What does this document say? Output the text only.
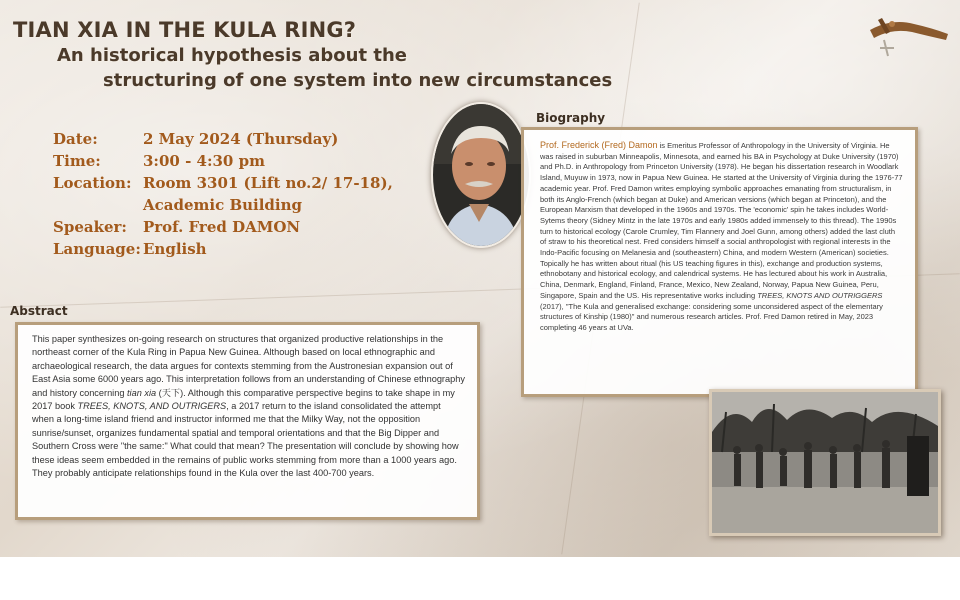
TIAN XIA IN THE KULA RING?
An historical hypothesis about the
structuring of one system into new circumstances
Date:	2 May 2024 (Thursday)
Time:	3:00 - 4:30 pm
Location: Room 3301 (Lift no.2/ 17-18),
Academic Building
Speaker:	Prof. Fred DAMON
Language: English
Biography
Prof. Frederick (Fred) Damon is Emeritus Professor of Anthropology in the University of Virginia. He was raised in suburban Minneapolis, Minnesota, and earned his BA in Psychology at Duke University (1970) and Ph.D. in Anthropology from Princeton University (1978). He began his dissertation research in Woodlark Island, Muyuw in 1973, now in Papua New Guinea. He started at the University of Virginia during the 1976-77 academic year. Prof. Fred Damon writes employing symbolic approaches emanating from structuralism, in both its Anglo-French (which began at Duke) and American versions (which began at Princeton), and the European Marxism that developed in the 1960s and 1970s. The 'economic' spin he takes includes World-Sytems theory (Sidney Mintz in the late 1970s and early 1980s added immensely to this thread). The 1990s turn to historical ecology (Carole Crumley, Tim Flannery and Joel Gunn, among others) added the last cluth of straw to his theoretical nest. Fred considers himself a social anthropologist with regional interests in the Indo-Pacific focusing on Melanesia and (southeastern) China, and modern Western (American) societies. Topically he has written about ritual (his US teaching figures in this), exchange and production systems, ethnobotany and historical ecology, and calendrical systems. He has lectured about his work in Australia, China, Denmark, England, Finland, France, Mexico, New Zealand, Norway, Papua New Guinea, Peru, Singapore, Spain and the US. His representative works including TREES, KNOTS AND OUTRIGGERS (2017), "The Kula and generalised exchange: considering some unconsidered aspect of the elementary structures of Kinship (1980)" and numerous research articles. Prof. Fred Damon retired in May, 2023 completing 46 years at UVa.
Abstract
This paper synthesizes on-going research on structures that organized productive relationships in the northeast corner of the Kula Ring in Papua New Guinea. Although based on local ethnographic and archaeological research, the data argues for contexts stemming from the Austronesian expansion out of East Asia some 6000 years ago. This interpretation follows from an understanding of Chinese ethnography and history concerning tian xia (天下). Although this comparative perspective begins to take shape in my 2017 book TREES, KNOTS, AND OUTRIGERS, a 2017 return to the island consolidated the attempt when a long-time island friend and instructor informed me that the Milky Way, not the opposition sunrise/sunset, organizes fundamental spatial and temporal orientations and that the Big Dipper and Southern Cross were "the same:" What could that mean? The presentation will conclude by showing how these ideas seem embedded in the remains of public works stemming from more than a 1000 years ago. They probably anticipate relationships found in the Kula over the last 400-700 years.
